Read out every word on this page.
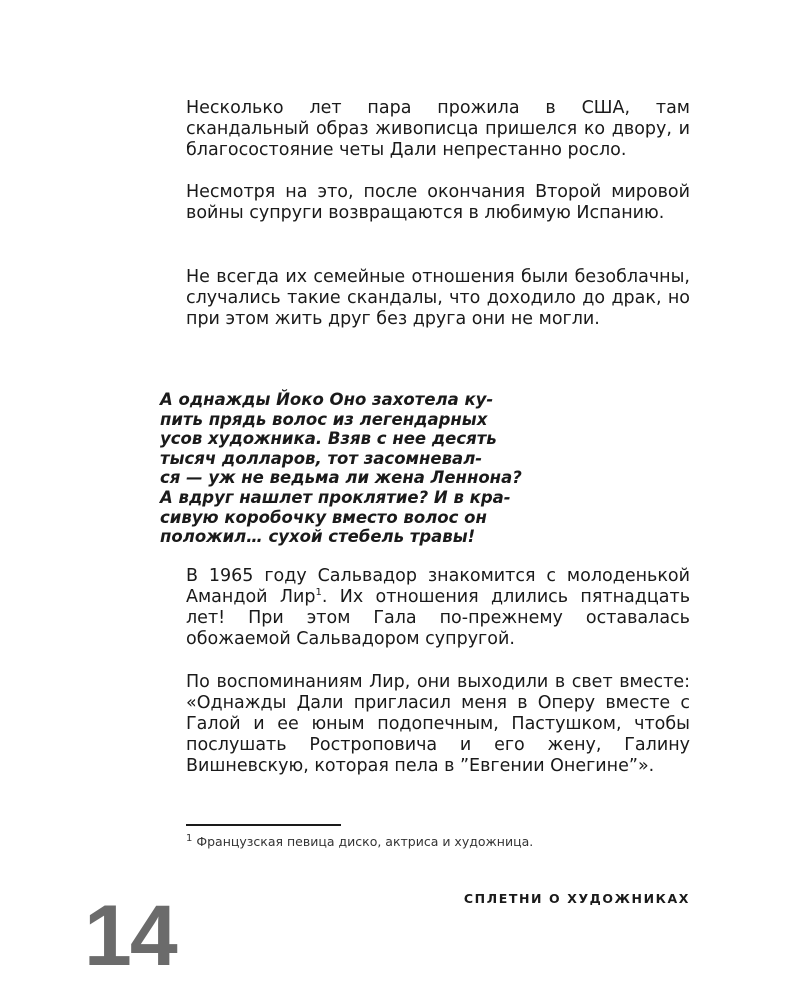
Несколько лет пара прожила в США, там скандальный образ живописца пришелся ко двору, и благосостояние четы Дали непрестанно росло.

Несмотря на это, после окончания Второй мировой войны супруги возвращаются в любимую Испанию.

Не всегда их семейные отношения были безоблачны, случались такие скандалы, что доходило до драк, но при этом жить друг без друга они не могли.

А однажды Йоко Оно захотела ку-
пить прядь волос из легендарных
усов художника. Взяв с нее десять
тысяч долларов, тот засомневал-
ся — уж не ведьма ли жена Леннона?
А вдруг нашлет проклятие? И в кра-
сивую коробочку вместо волос он
положил… сухой стебель травы!

В 1965 году Сальвадор знакомится с молоденькой Амандой Лир$^1$. Их отношения длились пятнадцать лет! При этом Гала по-прежнему оставалась обожаемой Сальвадором супругой.

По воспоминаниям Лир, они выходили в свет вместе: «Однажды Дали пригласил меня в Оперу вместе с Галой и ее юным подопечным, Пастушком, чтобы послушать Ростроповича и его жену, Галину Вишневскую, которая пела в ”Евгении Онегине”».

$^1$ Французская певица диско, актриса и художница.
СПЛЕТНИ О ХУДОЖНИКАХ
14
